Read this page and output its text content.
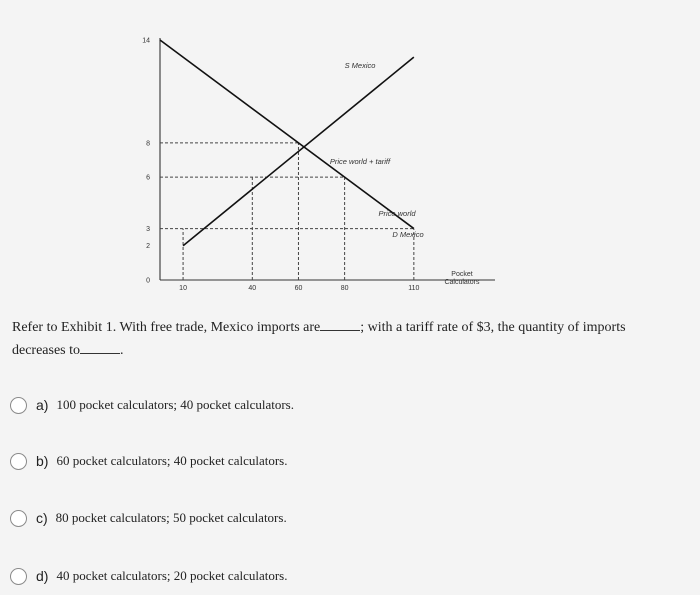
10	40	60	80	110
0
2
3
6
8
14
Pocket Calculators
S Mexico
Price world + tariff
Price world
D Mexico
Refer to Exhibit 1. With free trade, Mexico imports are	; with a tariff rate of $3, the quantity of imports
decreases to	.
a) 100 pocket calculators; 40 pocket calculators.
b) 60 pocket calculators; 40 pocket calculators.
c) 80 pocket calculators; 50 pocket calculators.
d) 40 pocket calculators; 20 pocket calculators.
